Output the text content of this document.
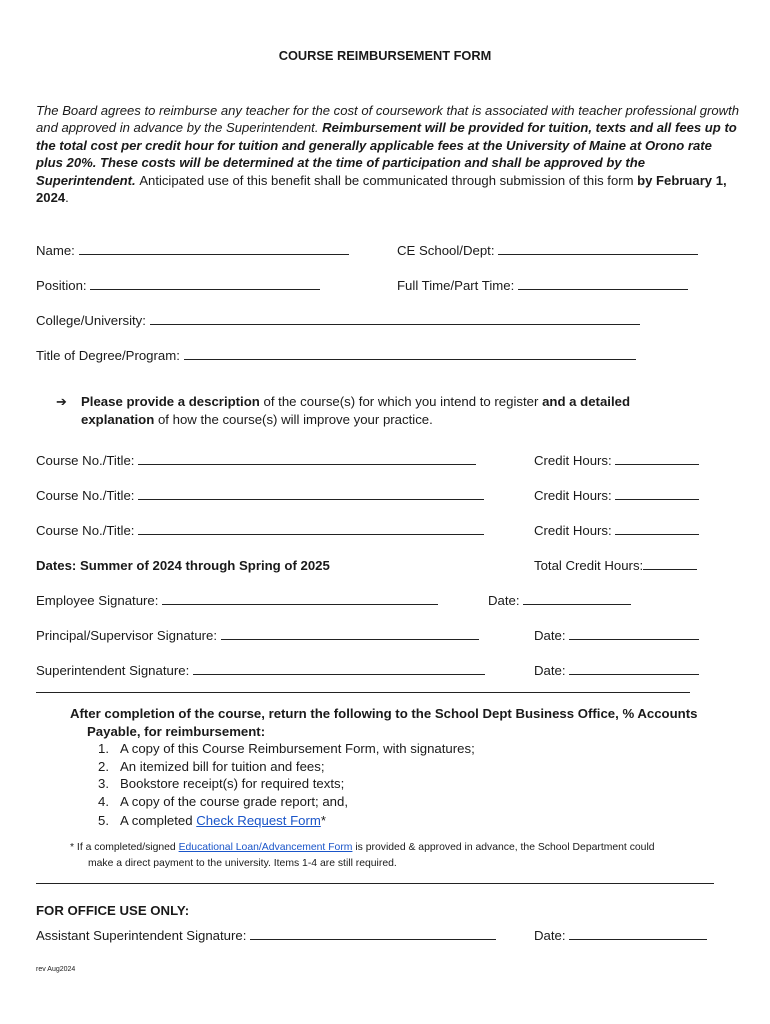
COURSE REIMBURSEMENT FORM
The Board agrees to reimburse any teacher for the cost of coursework that is associated with teacher professional growth and approved in advance by the Superintendent. Reimbursement will be provided for tuition, texts and all fees up to the total cost per credit hour for tuition and generally applicable fees at the University of Maine at Orono rate plus 20%. These costs will be determined at the time of participation and shall be approved by the Superintendent. Anticipated use of this benefit shall be communicated through submission of this form by February 1, 2024.
Name:	CE School/Dept:
Position:	Full Time/Part Time:
College/University:
Title of Degree/Program:
➔ Please provide a description of the course(s) for which you intend to register and a detailed explanation of how the course(s) will improve your practice.
Course No./Title:	Credit Hours:
Course No./Title:	Credit Hours:
Course No./Title:	Credit Hours:
Dates: Summer of 2024 through Spring of 2025	Total Credit Hours:
Employee Signature:	Date:
Principal/Supervisor Signature:	Date:
Superintendent Signature:	Date:
After completion of the course, return the following to the School Dept Business Office, % Accounts
Payable, for reimbursement:
1. A copy of this Course Reimbursement Form, with signatures;
2. An itemized bill for tuition and fees;
3. Bookstore receipt(s) for required texts;
4. A copy of the course grade report; and,
5. A completed Check Request Form*
* If a completed/signed Educational Loan/Advancement Form is provided & approved in advance, the School Department could
make a direct payment to the university. Items 1-4 are still required.
FOR OFFICE USE ONLY:
Assistant Superintendent Signature:	Date:
rev Aug2024
